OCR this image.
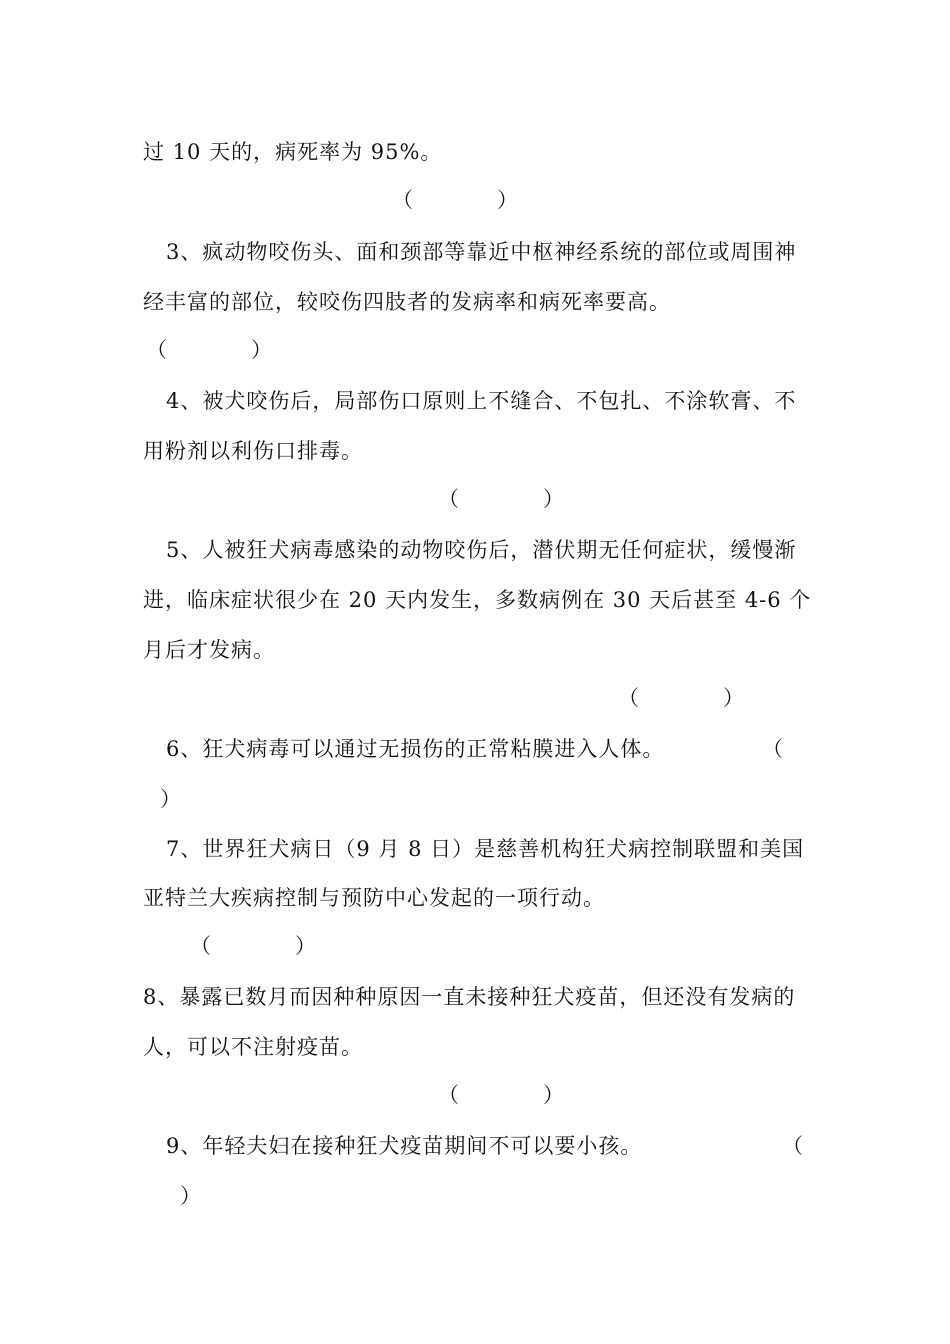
过 10 天的，病死率为 95%。
（　　　　）
3、疯动物咬伤头、面和颈部等靠近中枢神经系统的部位或周围神
经丰富的部位，较咬伤四肢者的发病率和病死率要高。
（　　　　）
4、被犬咬伤后，局部伤口原则上不缝合、不包扎、不涂软膏、不
用粉剂以利伤口排毒。
（　　　　）
5、人被狂犬病毒感染的动物咬伤后，潜伏期无任何症状，缓慢渐
进，临床症状很少在 20 天内发生，多数病例在 30 天后甚至 4-6 个
月后才发病。
（　　　　）
6、狂犬病毒可以通过无损伤的正常粘膜进入人体。	（
）
7、世界狂犬病日（9 月 8 日）是慈善机构狂犬病控制联盟和美国
亚特兰大疾病控制与预防中心发起的一项行动。
（　　　　）
8、暴露已数月而因种种原因一直未接种狂犬疫苗，但还没有发病的
人，可以不注射疫苗。
（　　　　）
9、年轻夫妇在接种狂犬疫苗期间不可以要小孩。	（
）
